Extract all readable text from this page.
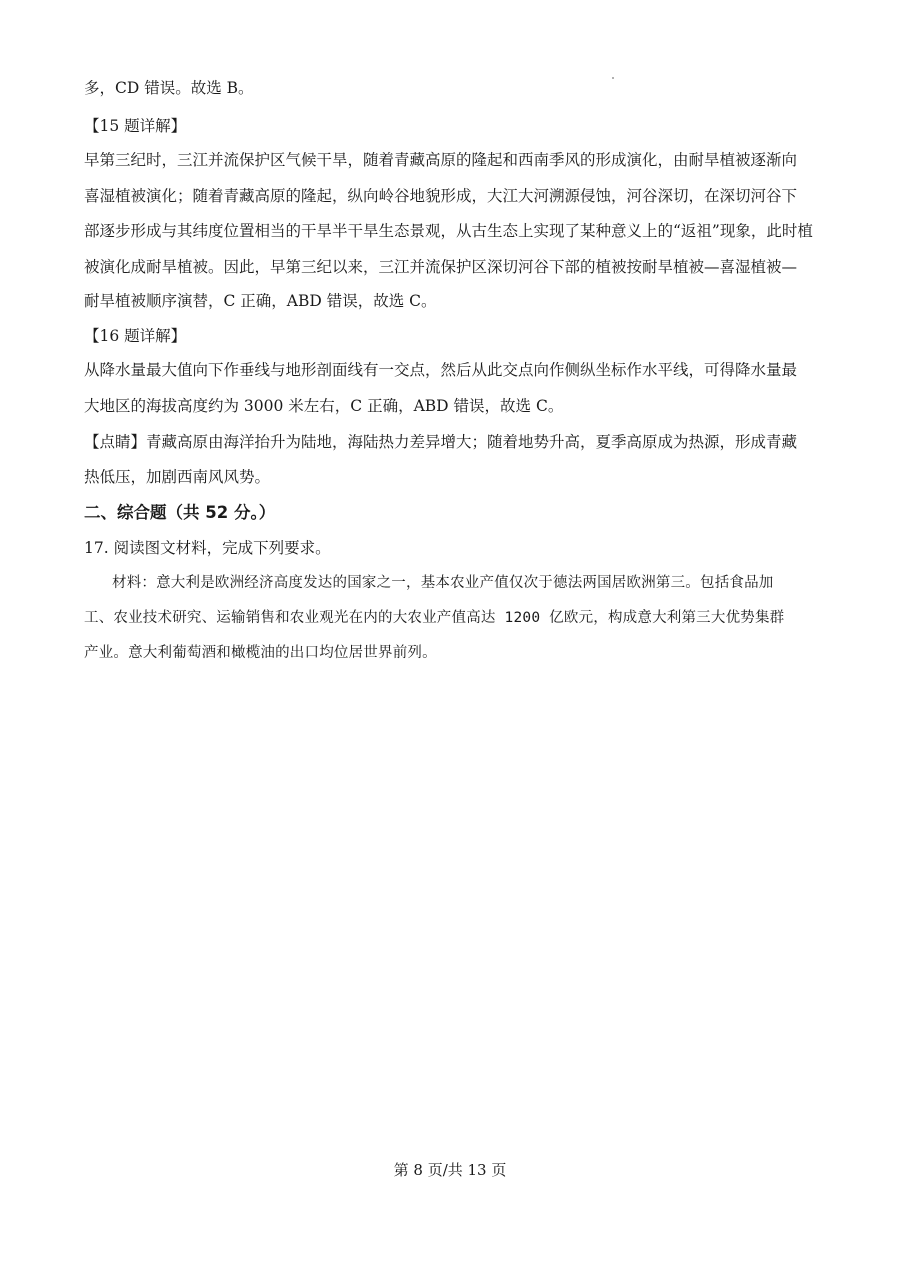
多，CD 错误。故选 B。
【15 题详解】
早第三纪时，三江并流保护区气候干旱，随着青藏高原的隆起和西南季风的形成演化，由耐旱植被逐渐向
喜湿植被演化；随着青藏高原的隆起，纵向岭谷地貌形成，大江大河溯源侵蚀，河谷深切，在深切河谷下
部逐步形成与其纬度位置相当的干旱半干旱生态景观，从古生态上实现了某种意义上的“返祖”现象，此时植
被演化成耐旱植被。因此，早第三纪以来，三江并流保护区深切河谷下部的植被按耐旱植被—喜湿植被—
耐旱植被顺序演替，C 正确，ABD 错误，故选 C。
【16 题详解】
从降水量最大值向下作垂线与地形剖面线有一交点，然后从此交点向作侧纵坐标作水平线，可得降水量最
大地区的海拔高度约为 3000 米左右，C 正确，ABD 错误，故选 C。
【点睛】青藏高原由海洋抬升为陆地，海陆热力差异增大；随着地势升高，夏季高原成为热源，形成青藏
热低压，加剧西南风风势。
二、综合题（共 52 分。）
17. 阅读图文材料，完成下列要求。
材料：意大利是欧洲经济高度发达的国家之一，基本农业产值仅次于德法两国居欧洲第三。包括食品加
工、农业技术研究、运输销售和农业观光在内的大农业产值高达 1200 亿欧元，构成意大利第三大优势集群
产业。意大利葡萄酒和橄榄油的出口均位居世界前列。
第 8 页/共 13 页
